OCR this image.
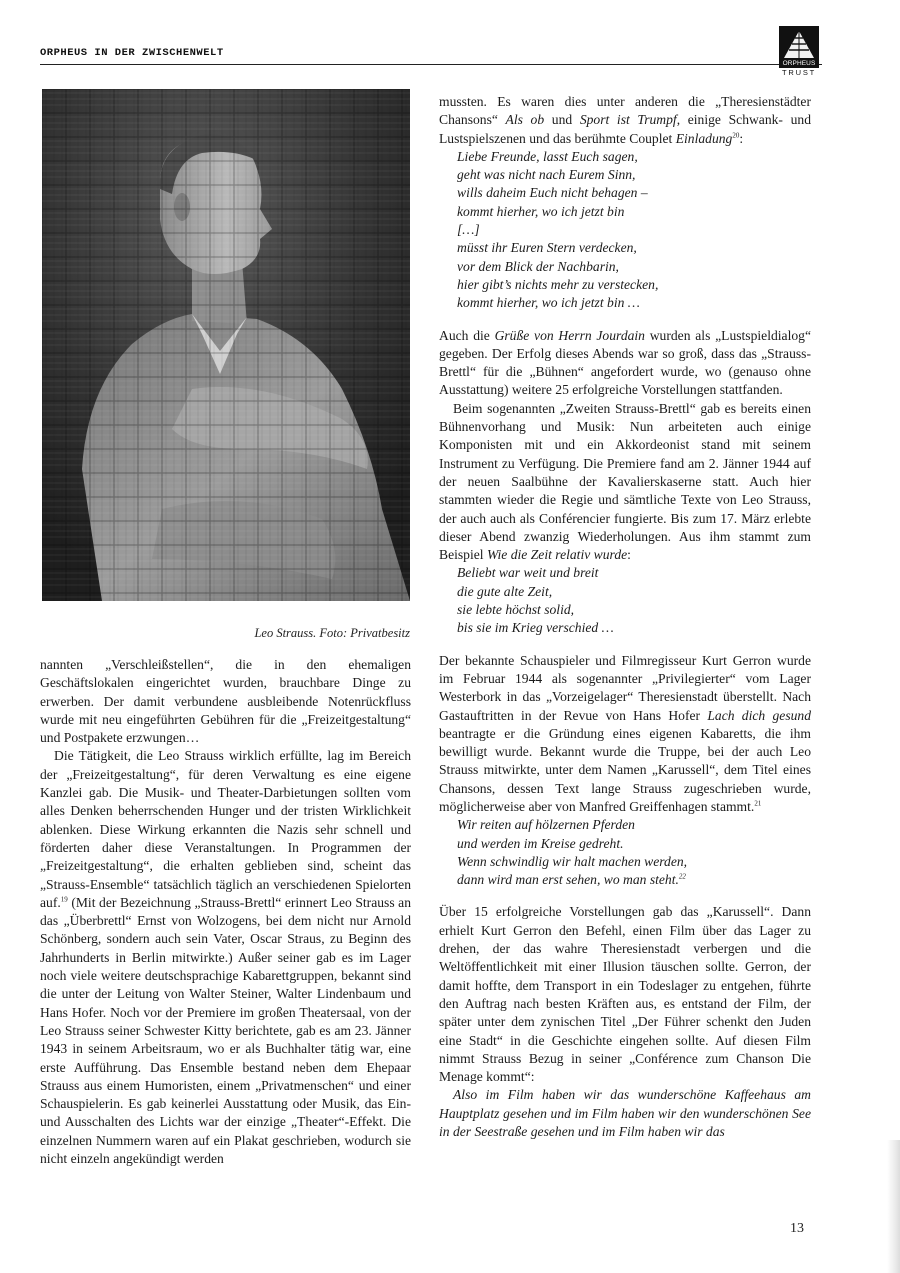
ORPHEUS IN DER ZWISCHENWELT
ORPHEUS
TRUST
Leo Strauss. Foto: Privatbesitz

nannten „Verschleißstellen“, die in den ehemaligen Geschäftslokalen eingerichtet wurden, brauchbare Dinge zu erwerben. Der damit verbundene ausbleibende Notenrückfluss wurde mit neu eingeführten Gebühren für die „Freizeitgestaltung“ und Postpakete erzwungen…

Die Tätigkeit, die Leo Strauss wirklich erfüllte, lag im Bereich der „Freizeitgestaltung“, für deren Verwaltung es eine eigene Kanzlei gab. Die Musik- und Theater-Darbietungen sollten vom alles Denken beherrschenden Hunger und der tristen Wirklichkeit ablenken. Diese Wirkung erkannten die Nazis sehr schnell und förderten daher diese Veranstaltungen. In Programmen der „Freizeitgestaltung“, die erhalten geblieben sind, scheint das „Strauss-Ensemble“ tatsächlich täglich an verschiedenen Spielorten auf.$^{19}$ (Mit der Bezeichnung „Strauss-Brettl“ erinnert Leo Strauss an das „Überbrettl“ Ernst von Wolzogens, bei dem nicht nur Arnold Schönberg, sondern auch sein Vater, Oscar Straus, zu Beginn des Jahrhunderts in Berlin mitwirkte.) Außer seiner gab es im Lager noch viele weitere deutschsprachige Kabarettgruppen, bekannt sind die unter der Leitung von Walter Steiner, Walter Lindenbaum und Hans Hofer. Noch vor der Premiere im großen Theatersaal, von der Leo Strauss seiner Schwester Kitty berichtete, gab es am 23. Jänner 1943 in seinem Arbeitsraum, wo er als Buchhalter tätig war, eine erste Aufführung. Das Ensemble bestand neben dem Ehepaar Strauss aus einem Humoristen, einem „Privatmenschen“ und einer Schauspielerin. Es gab keinerlei Ausstattung oder Musik, das Ein- und Ausschalten des Lichts war der einzige „Theater“-Effekt. Die einzelnen Nummern waren auf ein Plakat geschrieben, wodurch sie nicht einzeln angekündigt werden

mussten. Es waren dies unter anderen die „Theresienstädter Chansons“ Als ob und Sport ist Trumpf, einige Schwank- und Lustspielszenen und das berühmte Couplet Einladung$^{20}$:

Liebe Freunde, lasst Euch sagen,
geht was nicht nach Eurem Sinn,
wills daheim Euch nicht behagen –
kommt hierher, wo ich jetzt bin
[…]
müsst ihr Euren Stern verdecken,
vor dem Blick der Nachbarin,
hier gibt’s nichts mehr zu verstecken,
kommt hierher, wo ich jetzt bin …

Auch die Grüße von Herrn Jourdain wurden als „Lustspieldialog“ gegeben. Der Erfolg dieses Abends war so groß, dass das „Strauss-Brettl“ für die „Bühnen“ angefordert wurde, wo (genauso ohne Ausstattung) weitere 25 erfolgreiche Vorstellungen stattfanden.

Beim sogenannten „Zweiten Strauss-Brettl“ gab es bereits einen Bühnenvorhang und Musik: Nun arbeiteten auch einige Komponisten mit und ein Akkordeonist stand mit seinem Instrument zu Verfügung. Die Premiere fand am 2. Jänner 1944 auf der neuen Saalbühne der Kavalierskaserne statt. Auch hier stammten wieder die Regie und sämtliche Texte von Leo Strauss, der auch auch als Conférencier fungierte. Bis zum 17. März erlebte dieser Abend zwanzig Wiederholungen. Aus ihm stammt zum Beispiel Wie die Zeit relativ wurde:

Beliebt war weit und breit
die gute alte Zeit,
sie lebte höchst solid,
bis sie im Krieg verschied …

Der bekannte Schauspieler und Filmregisseur Kurt Gerron wurde im Februar 1944 als sogenannter „Privilegierter“ vom Lager Westerbork in das „Vorzeigelager“ Theresienstadt überstellt. Nach Gastauftritten in der Revue von Hans Hofer Lach dich gesund beantragte er die Gründung eines eigenen Kabaretts, die ihm bewilligt wurde. Bekannt wurde die Truppe, bei der auch Leo Strauss mitwirkte, unter dem Namen „Karussell“, dem Titel eines Chansons, dessen Text lange Strauss zugeschrieben wurde, möglicherweise aber von Manfred Greiffenhagen stammt.$^{21}$

Wir reiten auf hölzernen Pferden
und werden im Kreise gedreht.
Wenn schwindlig wir halt machen werden,
dann wird man erst sehen, wo man steht.$^{22}$

Über 15 erfolgreiche Vorstellungen gab das „Karussell“. Dann erhielt Kurt Gerron den Befehl, einen Film über das Lager zu drehen, der das wahre Theresienstadt verbergen und die Weltöffentlichkeit mit einer Illusion täuschen sollte. Gerron, der damit hoffte, dem Transport in ein Todeslager zu entgehen, führte den Auftrag nach besten Kräften aus, es entstand der Film, der später unter dem zynischen Titel „Der Führer schenkt den Juden eine Stadt“ in die Geschichte eingehen sollte. Auf diesen Film nimmt Strauss Bezug in seiner „Conférence zum Chanson Die Menage kommt“:

Also im Film haben wir das wunderschöne Kaffeehaus am Hauptplatz gesehen und im Film haben wir den wunderschönen See in der Seestraße gesehen und im Film haben wir das

13
